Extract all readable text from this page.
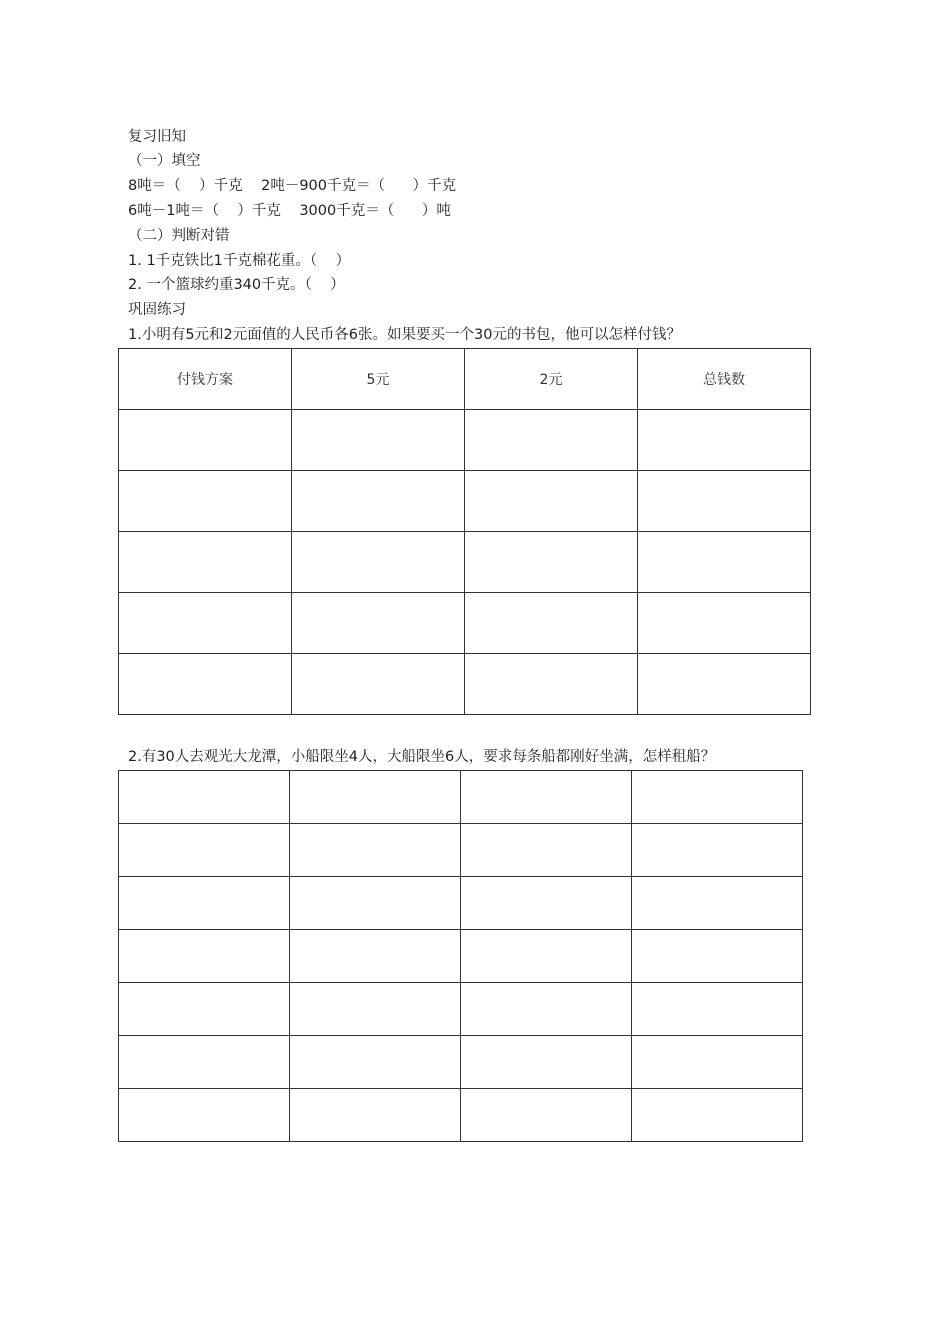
复习旧知
（一）填空
8吨＝（    ）千克    2吨－900千克＝（      ）千克
6吨－1吨＝（    ）千克    3000千克＝（      ）吨
（二）判断对错
1. 1千克铁比1千克棉花重。（    ）
2. 一个篮球约重340千克。（    ）
巩固练习
1.小明有5元和2元面值的人民币各6张。如果要买一个30元的书包，他可以怎样付钱？
付钱方案	5元	2元	总钱数

2.有30人去观光大龙潭，小船限坐4人，大船限坐6人，要求每条船都刚好坐满，怎样租船？
